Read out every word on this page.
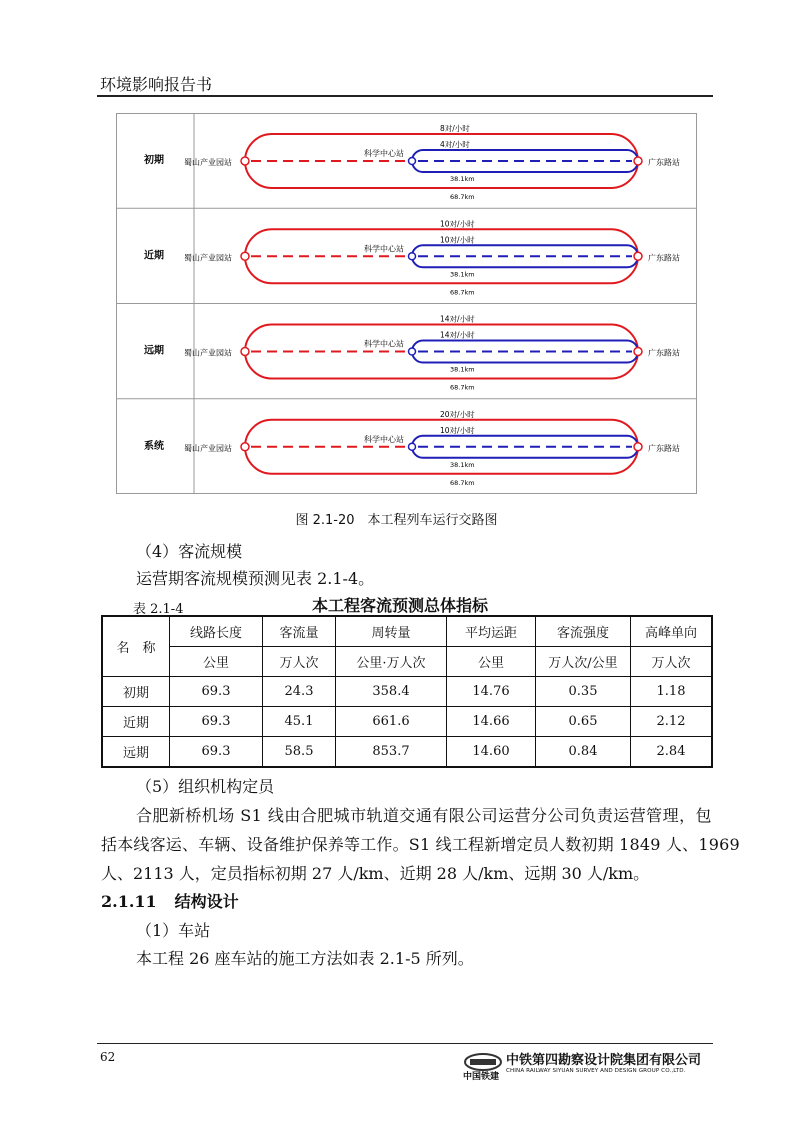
环境影响报告书
初期	蜀山产业园站	广东路站
科学中心站
8对/小时
4对/小时
38.1km
68.7km
近期	蜀山产业园站	广东路站
科学中心站
10对/小时
10对/小时
38.1km
68.7km
远期	蜀山产业园站	广东路站
科学中心站
14对/小时
14对/小时
38.1km
68.7km
系统	蜀山产业园站	广东路站
科学中心站
20对/小时
10对/小时
38.1km
68.7km
图 2.1-20　本工程列车运行交路图
（4）客流规模
运营期客流规模预测见表 2.1-4。
表 2.1-4	本工程客流预测总体指标
名　称	线路长度	客流量	周转量	平均运距	客流强度	高峰单向
	公里	万人次	公里·万人次	公里	万人次/公里	万人次
初期	69.3	24.3	358.4	14.76	0.35	1.18
近期	69.3	45.1	661.6	14.66	0.65	2.12
远期	69.3	58.5	853.7	14.60	0.84	2.84
（5）组织机构定员
合肥新桥机场 S1 线由合肥城市轨道交通有限公司运营分公司负责运营管理，包
括本线客运、车辆、设备维护保养等工作。S1 线工程新增定员人数初期 1849 人、1969
人、2113 人，定员指标初期 27 人/km、近期 28 人/km、远期 30 人/km。
2.1.11 结构设计
（1）车站
本工程 26 座车站的施工方法如表 2.1-5 所列。
62
中国铁建
中铁第四勘察设计院集团有限公司
CHINA RAILWAY SIYUAN SURVEY AND DESIGN GROUP CO.,LTD.
